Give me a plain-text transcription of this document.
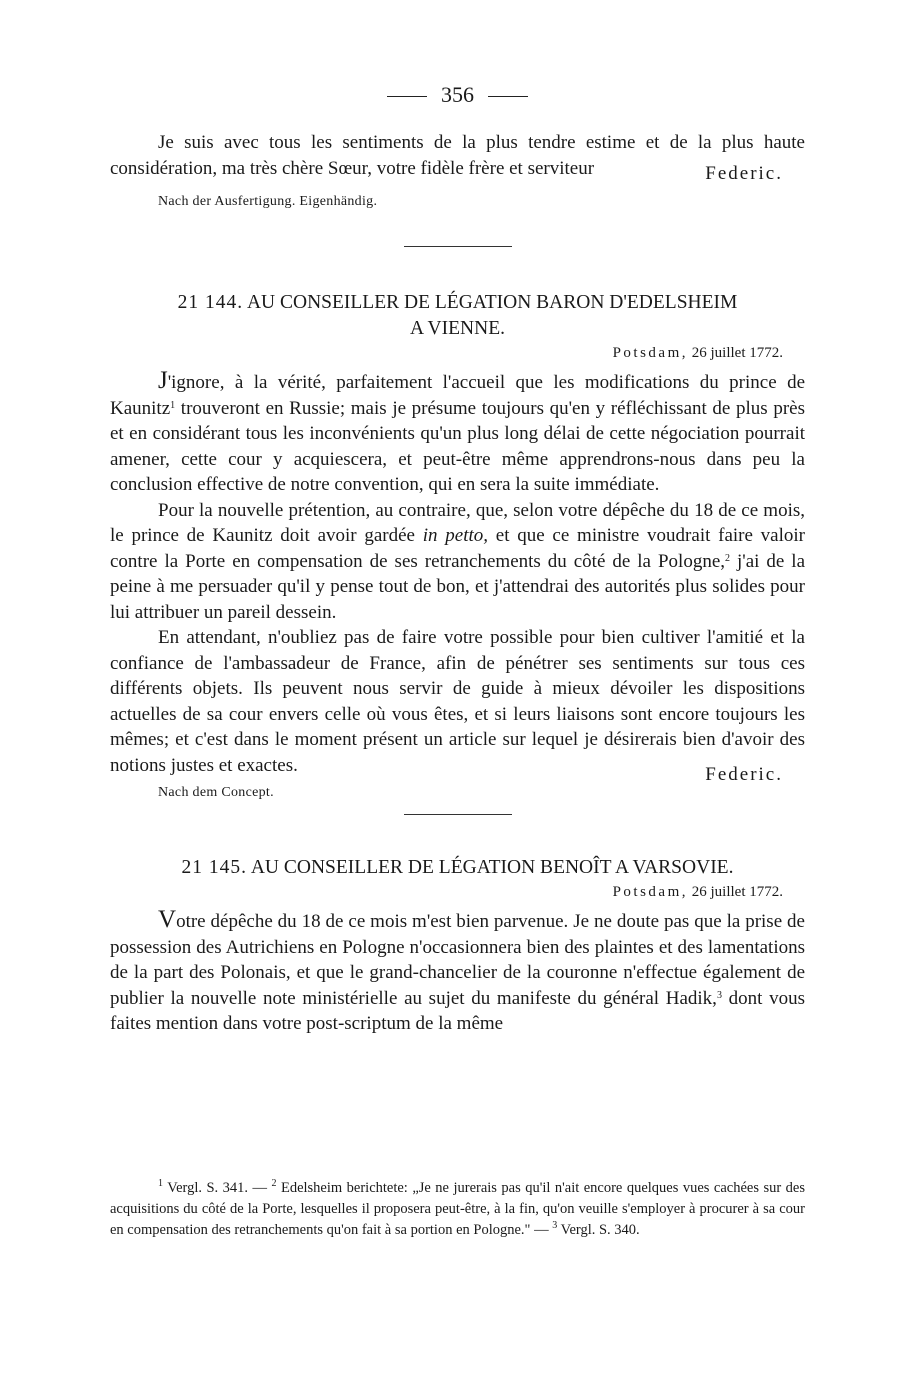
356

Je suis avec tous les sentiments de la plus tendre estime et de la plus haute considération, ma très chère Sœur, votre fidèle frère et serviteur

Nach der Ausfertigung. Eigenhändig.
Federic.
21 144. AU CONSEILLER DE LÉGATION BARON D'EDELSHEIM
A VIENNE.
Potsdam, 26 juillet 1772.

J'ignore, à la vérité, parfaitement l'accueil que les modifications du prince de Kaunitz$^1$ trouveront en Russie; mais je présume toujours qu'en y réfléchissant de plus près et en considérant tous les inconvénients qu'un plus long délai de cette négociation pourrait amener, cette cour y acquiescera, et peut-être même apprendrons-nous dans peu la conclusion effective de notre convention, qui en sera la suite immédiate.

Pour la nouvelle prétention, au contraire, que, selon votre dépêche du 18 de ce mois, le prince de Kaunitz doit avoir gardée in petto, et que ce ministre voudrait faire valoir contre la Porte en compensation de ses retranchements du côté de la Pologne,$^2$ j'ai de la peine à me persuader qu'il y pense tout de bon, et j'attendrai des autorités plus solides pour lui attribuer un pareil dessein.

En attendant, n'oubliez pas de faire votre possible pour bien cultiver l'amitié et la confiance de l'ambassadeur de France, afin de pénétrer ses sentiments sur tous ces différents objets. Ils peuvent nous servir de guide à mieux dévoiler les dispositions actuelles de sa cour envers celle où vous êtes, et si leurs liaisons sont encore toujours les mêmes; et c'est dans le moment présent un article sur lequel je désirerais bien d'avoir des notions justes et exactes.

Nach dem Concept.
Federic.
21 145. AU CONSEILLER DE LÉGATION BENOÎT A VARSOVIE.
Potsdam, 26 juillet 1772.

Votre dépêche du 18 de ce mois m'est bien parvenue. Je ne doute pas que la prise de possession des Autrichiens en Pologne n'occasionnera bien des plaintes et des lamentations de la part des Polonais, et que le grand-chancelier de la couronne n'effectue également de publier la nouvelle note ministérielle au sujet du manifeste du général Hadik,$^3$ dont vous faites mention dans votre post-scriptum de la même

$^1$ Vergl. S. 341. — $^2$ Edelsheim berichtete: „Je ne jurerais pas qu'il n'ait encore quelques vues cachées sur des acquisitions du côté de la Porte, lesquelles il proposera peut-être, à la fin, qu'on veuille s'employer à procurer à sa cour en compensation des retranchements qu'on fait à sa portion en Pologne." — $^3$ Vergl. S. 340.
